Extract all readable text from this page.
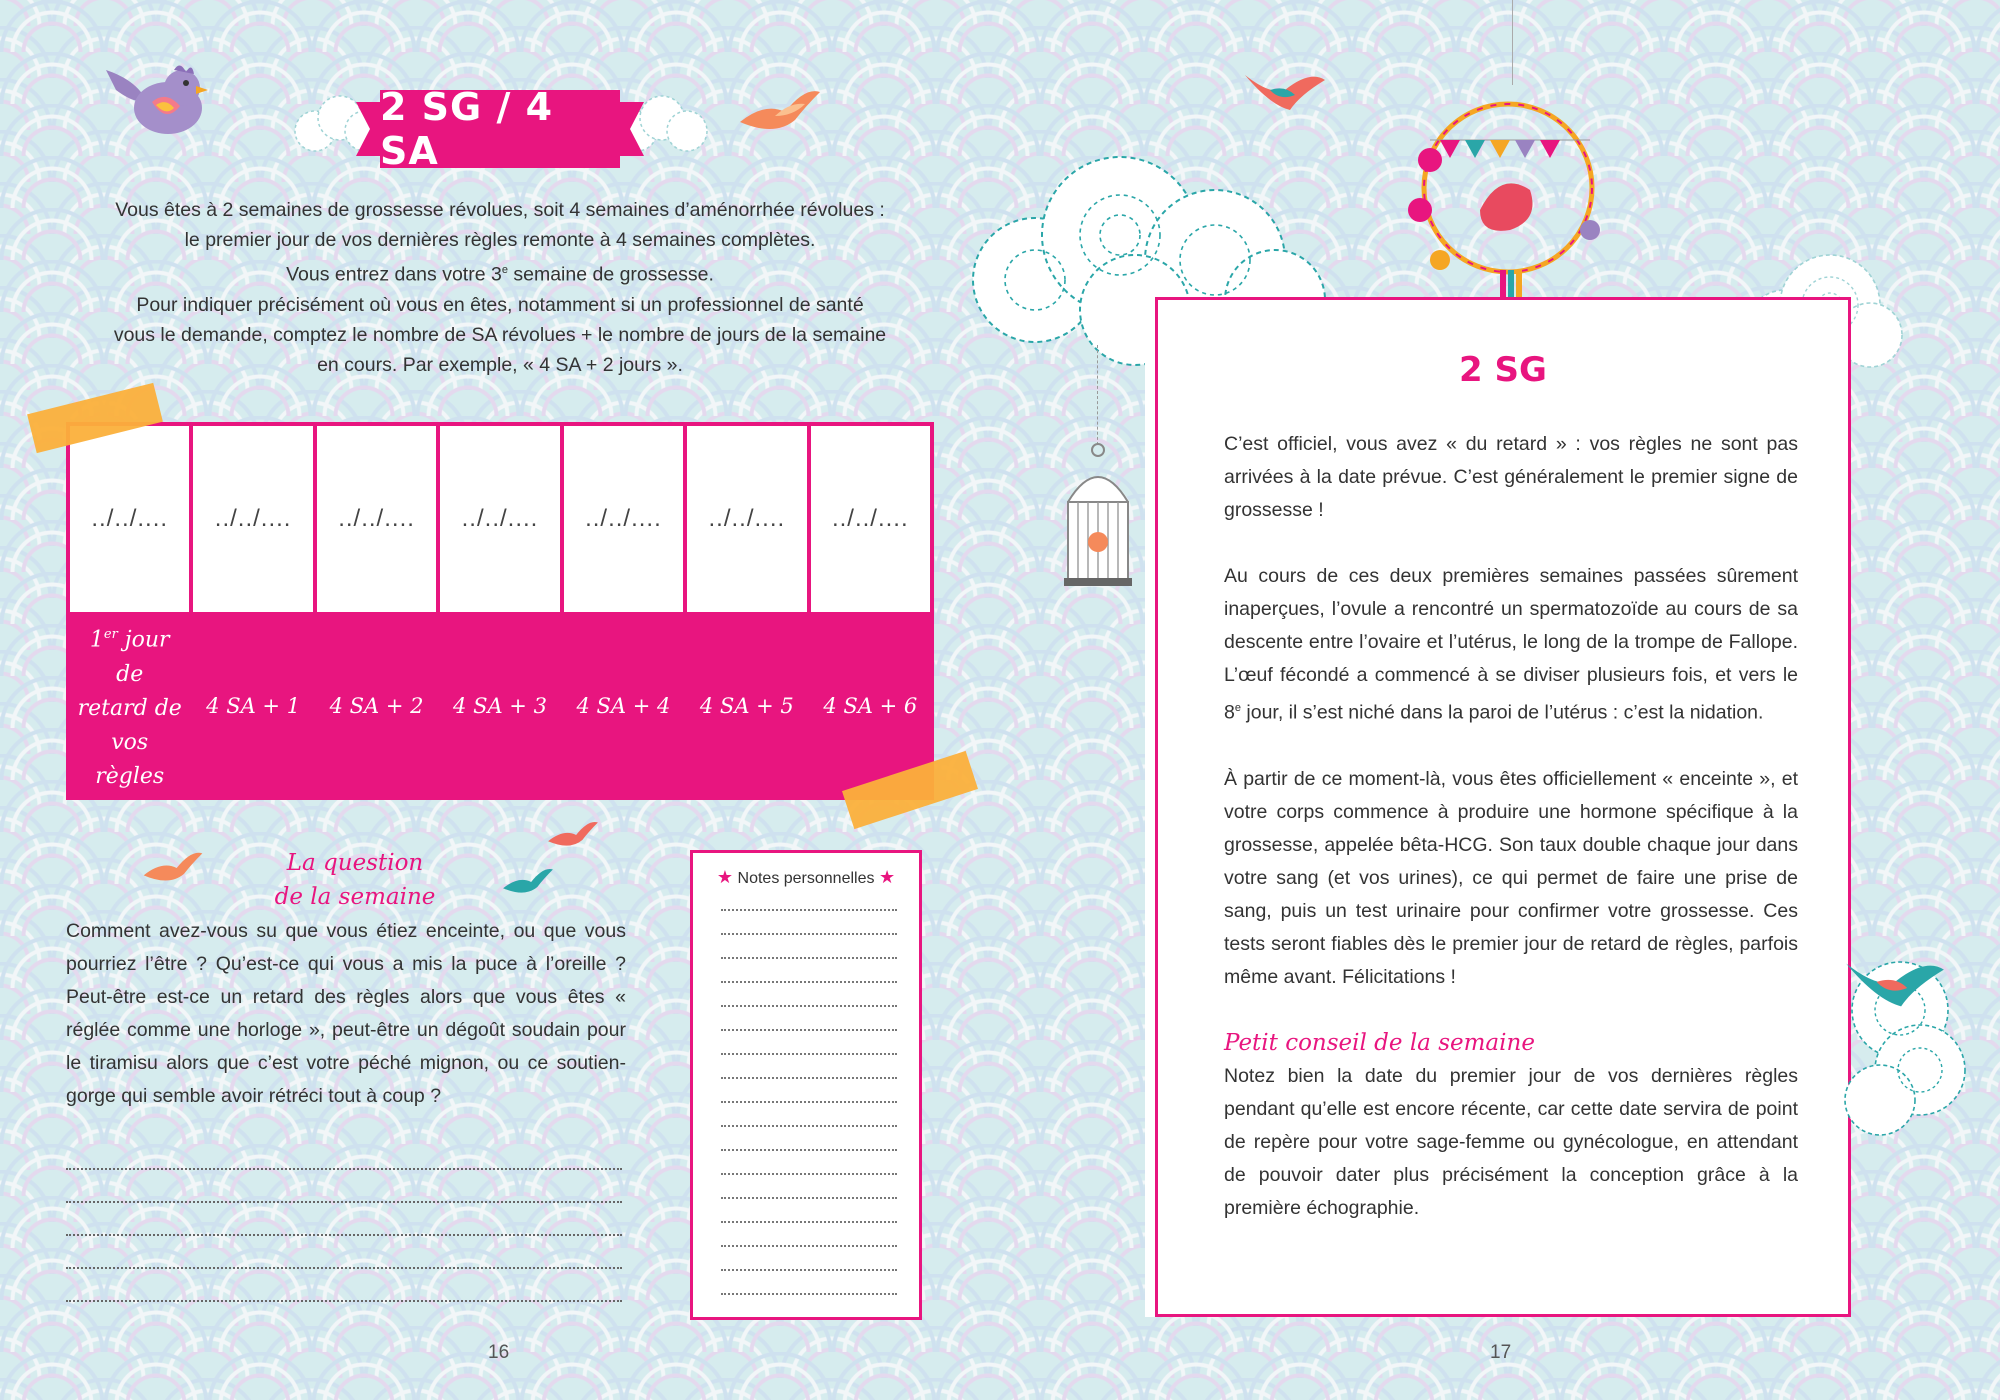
2 SG / 4 SA

Vous êtes à 2 semaines de grossesse révolues, soit 4 semaines d’aménorrhée révolues :

le premier jour de vos dernières règles remonte à 4 semaines complètes.

Vous entrez dans votre 3e semaine de grossesse.

Pour indiquer précisément où vous en êtes, notamment si un professionnel de santé

vous le demande, comptez le nombre de SA révolues + le nombre de jours de la semaine

en cours. Par exemple, « 4 SA + 2 jours ».

../../....	../../....	../../....	../../....	../../....	../../....	../../....
1er jour de
retard de
vos règles
4 SA + 1	4 SA + 2	4 SA + 3	4 SA + 4	4 SA + 5	4 SA + 6
La question
de la semaine
Comment avez-vous su que vous étiez enceinte, ou que vous pourriez l’être ? Qu’est-ce qui vous a mis la puce à l’oreille ? Peut-être est-ce un retard des règles alors que vous êtes « réglée comme une horloge », peut-être un dégoût soudain pour le tiramisu alors que c’est votre péché mignon, ou ce soutien-gorge qui semble avoir rétréci tout à coup ?
★ Notes personnelles ★
16
2 SG

C’est officiel, vous avez « du retard » : vos règles ne sont pas arrivées à la date prévue. C’est généralement le premier signe de grossesse !

Au cours de ces deux premières semaines passées sûrement inaperçues, l’ovule a rencontré un spermatozoïde au cours de sa descente entre l’ovaire et l’utérus, le long de la trompe de Fallope. L’œuf fécondé a commencé à se diviser plusieurs fois, et vers le 8e jour, il s’est niché dans la paroi de l’utérus : c’est la nidation.

À partir de ce moment-là, vous êtes officiellement « enceinte », et votre corps commence à produire une hormone spécifique à la grossesse, appelée bêta-HCG. Son taux double chaque jour dans votre sang (et vos urines), ce qui permet de faire une prise de sang, puis un test urinaire pour confirmer votre grossesse. Ces tests seront fiables dès le premier jour de retard de règles, parfois même avant. Félicitations !

Petit conseil de la semaine
Notez bien la date du premier jour de vos dernières règles pendant qu’elle est encore récente, car cette date servira de point de repère pour votre sage-femme ou gynécologue, en attendant de pouvoir dater plus précisément la conception grâce à la première échographie.
17
